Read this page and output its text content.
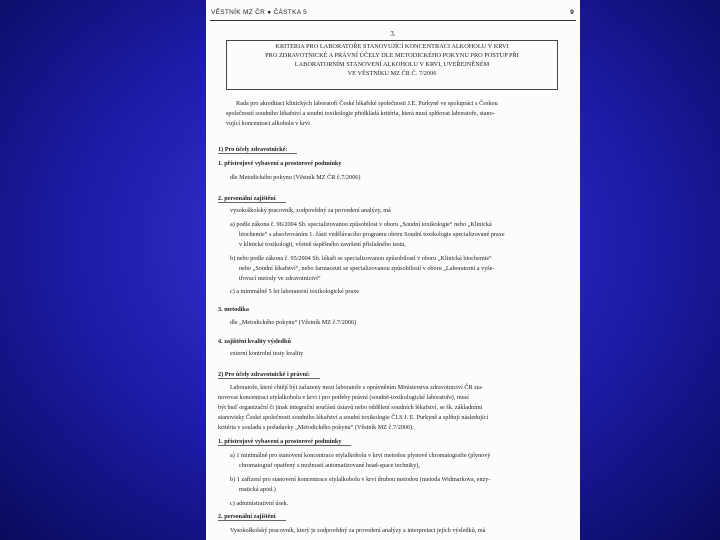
VĚSTNÍK MZ ČR ● ČÁSTKA 5	9
3.
KRITERIA PRO LABORATOŘE STANOVUJÍCÍ KONCENTRACI ALKOHOLU V KRVI
PRO ZDRAVOTNICKÉ A PRÁVNÍ ÚČELY DLE METODICKÉHO POKYNU PRO POSTUP PŘI
LABORATORNÍM STANOVENÍ ALKOHOLU V KRVI, UVEŘEJNĚNÉM
VE VĚSTNÍKU MZ ČR Č. 7/2006
Rada pro akreditaci klinických laboratoří České lékařské společnosti J.E. Purkyně ve spolupráci s Českou
společností soudního lékařství a soudní toxikologie předkládá kritéria, která musí splňovat laboratoře, stano-
vující koncentraci alkoholu v krvi
1) Pro účely zdravotnické:
1. přístrojové vybavení a prostorové podmínky
dle Metodického pokynu (Věstník MZ ČR č.7/2006)
2. personální zajištění
vysokoškolský pracovník, zodpovědný za provedení analýzy, má
a) podle zákona č. 96/2004 Sb. specializovanou způsobilost v oboru „Soudní toxikologie“ nebo „Klinická
biochemie“ s absolvováním 1. části vzdělávacího programu oboru Soudní toxikologie specializované praxe
v klinické toxikologii, včetně úspěšného završení příslušného testu,
b) nebo podle zákona č. 95/2004 Sb. lékaři se specializovanou způsobilostí v oboru „Klinická biochemie“
nebo „Soudní lékařství“, nebo farmaceuti se specializovanou způsobilostí v oboru „Laboratorní a vyše-
třovací metody ve zdravotnictví“
c) a minimálně 5 let laboratorní toxikologické praxe
3. metodika
dle „Metodického pokynu“ (Věstník MZ č.7/2006)
4. zajištění kvality výsledků
externí kontrolní testy kvality
2) Pro účely zdravotnické i právní:
Laboratoře, které chtějí být zařazeny mezi laboratoře s oprávněním Ministerstva zdravotnictví ČR sta-
novovat koncentraci etylalkoholu v krvi i pro potřeby právní (soudně-toxikologické laboratoře), musí
být buď organizační či jinak integrační součástí ústavů nebo oddělení soudních lékařství, se šk. základními
stanovisky České společnosti soudního lékařství a soudní toxikologie ČLS J. E. Purkyně a splňují následující
kritéria v souladu s požadavky „Metodického pokynu“ (Věstník MZ č.7/2006):
1. přístrojové vybavení a prostorové podmínky
a) 1 minimálně pro stanovení koncentrace etylalkoholu v krvi metodou plynové chromatografie (plynový
chromatograf opatřený s možností automatizované head-space techniky),
b) 1 zařízení pro stanovení koncentrace etylalkoholu v krvi druhou metodou (metoda Widmarkova, enzy-
matická apod.)
c) administrativní úsek.
2. personální zajištění
Vysokoškolský pracovník, který je zodpovědný za provedení analýzy a interpretaci jejích výsledků, má
